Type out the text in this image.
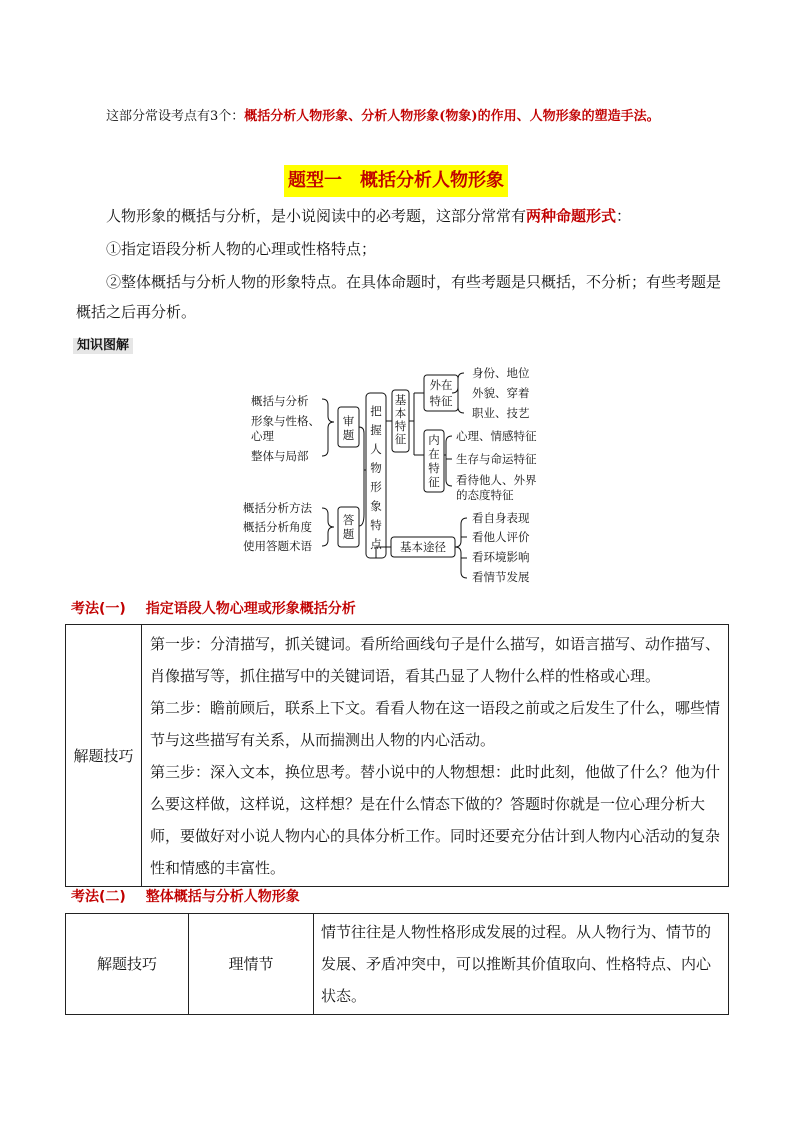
这部分常设考点有3个：概括分析人物形象、分析人物形象(物象)的作用、人物形象的塑造手法。
题型一　概括分析人物形象
人物形象的概括与分析，是小说阅读中的必考题，这部分常常有两种命题形式：
①指定语段分析人物的心理或性格特点；
②整体概括与分析人物的形象特点。在具体命题时，有些考题是只概括，不分析；有些考题是概括之后再分析。
知识图解
概括与分析
形象与性格、
心理
整体与局部
概括分析方法
概括分析角度
使用答题术语
审题
答题
把握人物形象特点
基本特征
外在特征
内在特征
身份、地位
外貌、穿着
职业、技艺
心理、情感特征
生存与命运特征
看待他人、外界
的态度特征
基本途径
看自身表现
看他人评价
看环境影响
看情节发展
考法(一) 指定语段人物心理或形象概括分析
解题技巧	

第一步：分清描写，抓关键词。看所给画线句子是什么描写，如语言描写、动作描写、肖像描写等，抓住描写中的关键词语，看其凸显了人物什么样的性格或心理。

第二步：瞻前顾后，联系上下文。看看人物在这一语段之前或之后发生了什么，哪些情节与这些描写有关系，从而揣测出人物的内心活动。

第三步：深入文本，换位思考。替小说中的人物想想：此时此刻，他做了什么？他为什么要这样做，这样说，这样想？是在什么情态下做的？答题时你就是一位心理分析大师，要做好对小说人物内心的具体分析工作。同时还要充分估计到人物内心活动的复杂性和情感的丰富性。

考法(二) 整体概括与分析人物形象
解题技巧	理情节	情节往往是人物性格形成发展的过程。从人物行为、情节的发展、矛盾冲突中，可以推断其价值取向、性格特点、内心状态。
